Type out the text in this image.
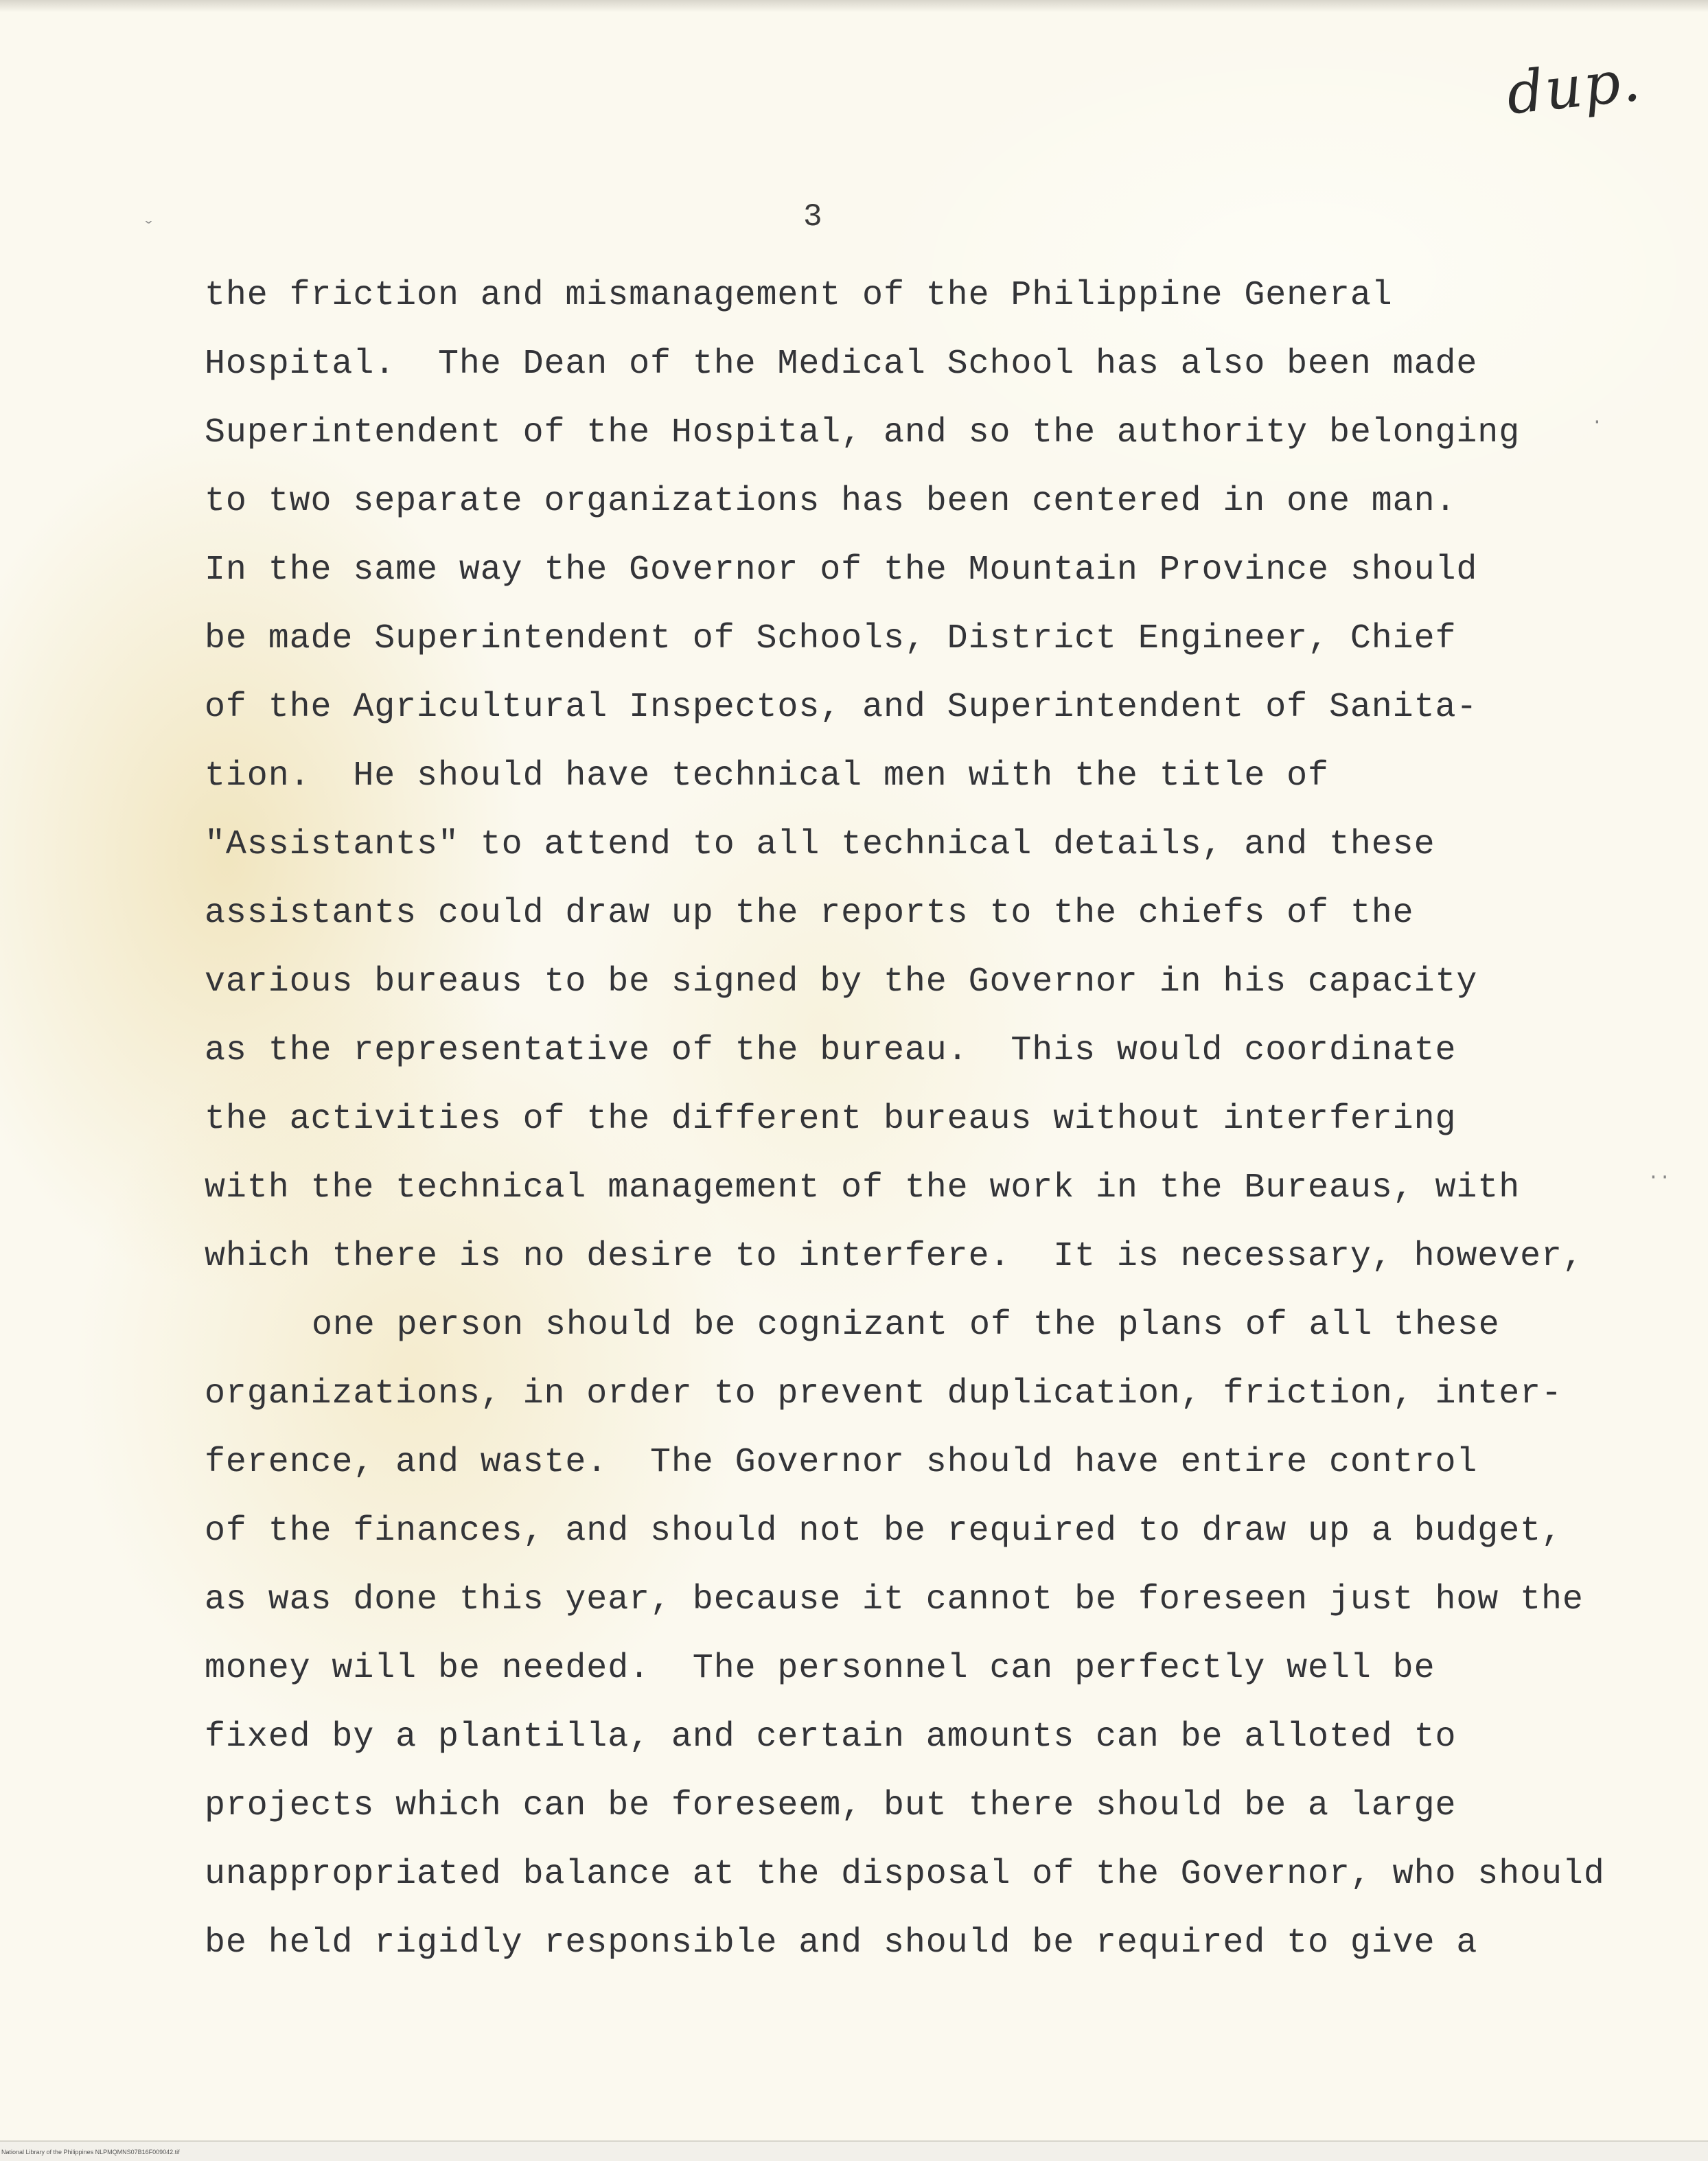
dup.
3
ˇ
·
··
the friction and mismanagement of the Philippine General
Hospital.  The Dean of the Medical School has also been made
Superintendent of the Hospital, and so the authority belonging
to two separate organizations has been centered in one man.
In the same way the Governor of the Mountain Province should
be made Superintendent of Schools, District Engineer, Chief
of the Agricultural Inspectos, and Superintendent of Sanita-
tion.  He should have technical men with the title of
"Assistants" to attend to all technical details, and these
assistants could draw up the reports to the chiefs of the
various bureaus to be signed by the Governor in his capacity
as the representative of the bureau.  This would coordinate
the activities of the different bureaus without interfering
with the technical management of the work in the Bureaus, with
which there is no desire to interfere.  It is necessary, however,
one person should be cognizant of the plans of all these
organizations, in order to prevent duplication, friction, inter-
ference, and waste.  The Governor should have entire control
of the finances, and should not be required to draw up a budget,
as was done this year, because it cannot be foreseen just how the
money will be needed.  The personnel can perfectly well be
fixed by a plantilla, and certain amounts can be alloted to
projects which can be foreseem, but there should be a large
unappropriated balance at the disposal of the Governor, who should
be held rigidly responsible and should be required to give a
National Library of the Philippines NLPMQMNS07B16F009042.tif
